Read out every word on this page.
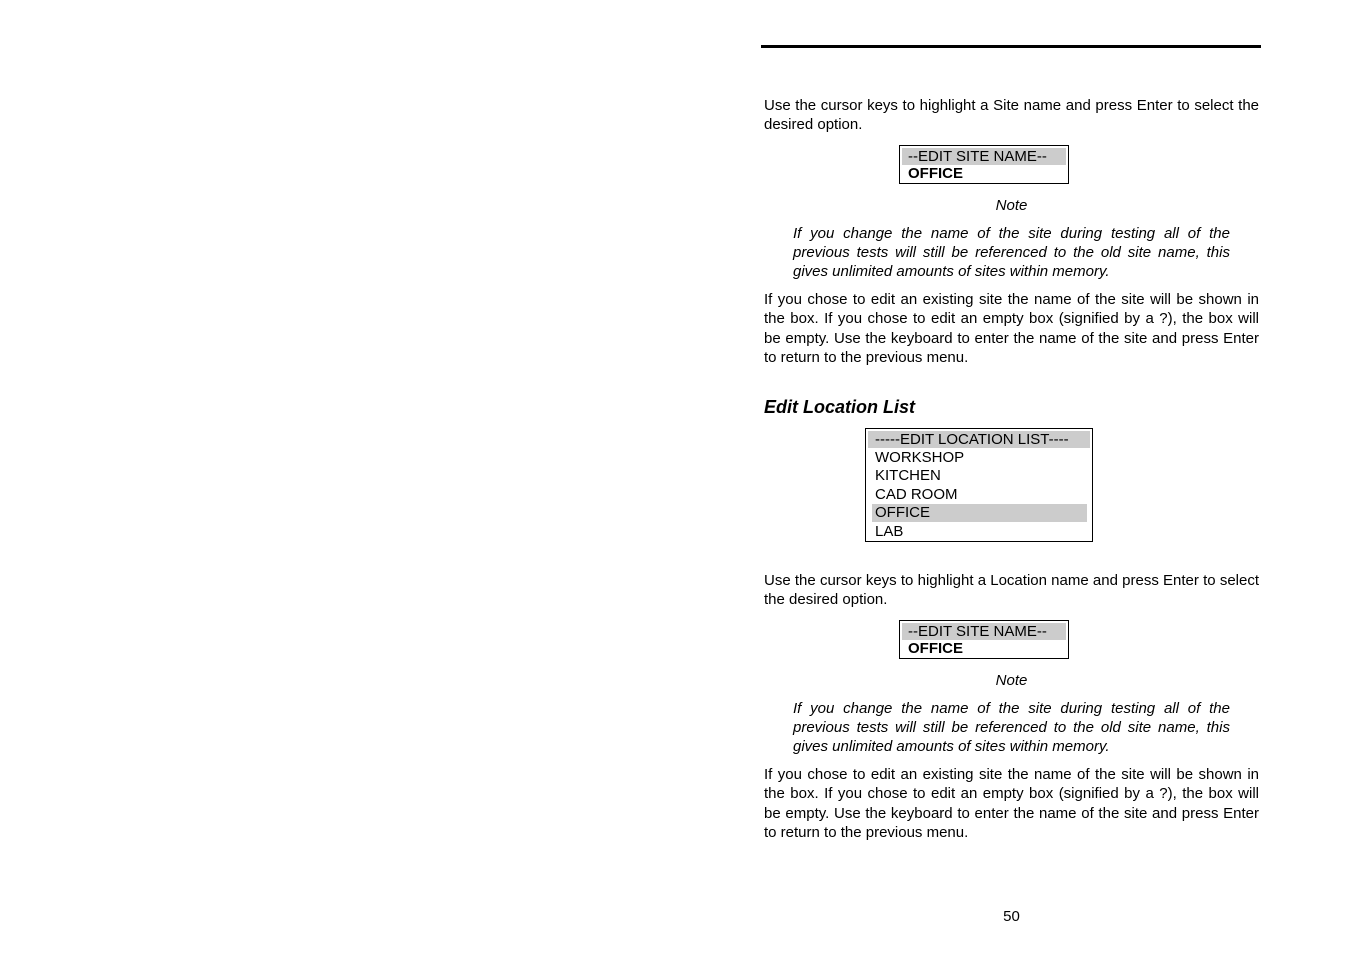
Use the cursor keys to highlight a Site name and press Enter to select the desired option.

--EDIT SITE NAME--
OFFICE

Note

If you change the name of the site during testing all of the previous tests will still be referenced to the old site name, this gives unlimited amounts of sites within memory.

If you chose to edit an existing site the name of the site will be shown in the box. If you chose to edit an empty box (signified by a ?), the box will be empty. Use the keyboard to enter the name of the site and press Enter to return to the previous menu.

Edit Location List
-----EDIT LOCATION LIST----
WORKSHOP
KITCHEN
CAD ROOM
OFFICE
LAB

Use the cursor keys to highlight a Location name and press Enter to select the desired option.

--EDIT SITE NAME--
OFFICE

Note

If you change the name of the site during testing all of the previous tests will still be referenced to the old site name, this gives unlimited amounts of sites within memory.

If you chose to edit an existing site the name of the site will be shown in the box. If you chose to edit an empty box (signified by a ?), the box will be empty. Use the keyboard to enter the name of the site and press Enter to return to the previous menu.

50
